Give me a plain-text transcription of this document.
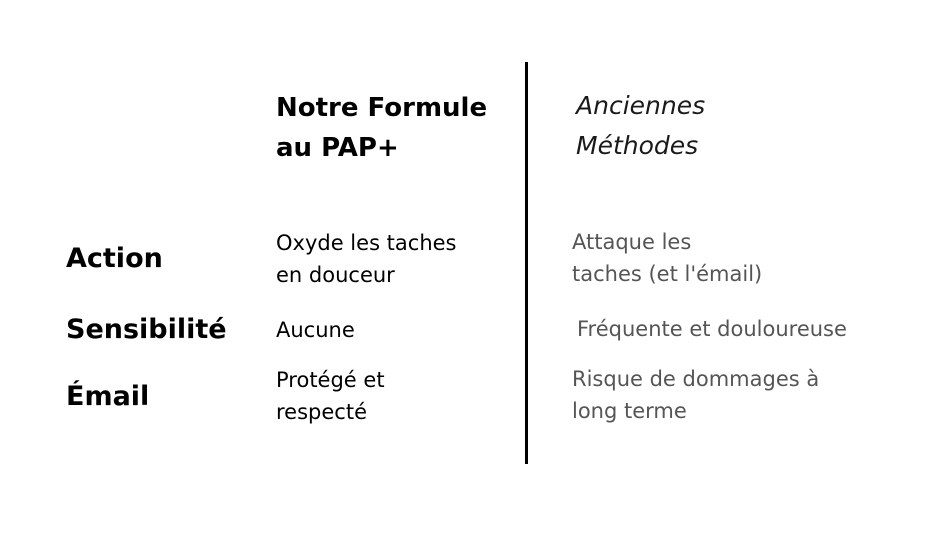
Notre Formule
au PAP+
Anciennes
Méthodes
Action	Oxyde les taches
en douceur
Attaque les
taches (et l'émail)
Sensibilité Aucune	Fréquente et douloureuse
Émail
Protégé et
respecté
Risque de dommages à
long terme
